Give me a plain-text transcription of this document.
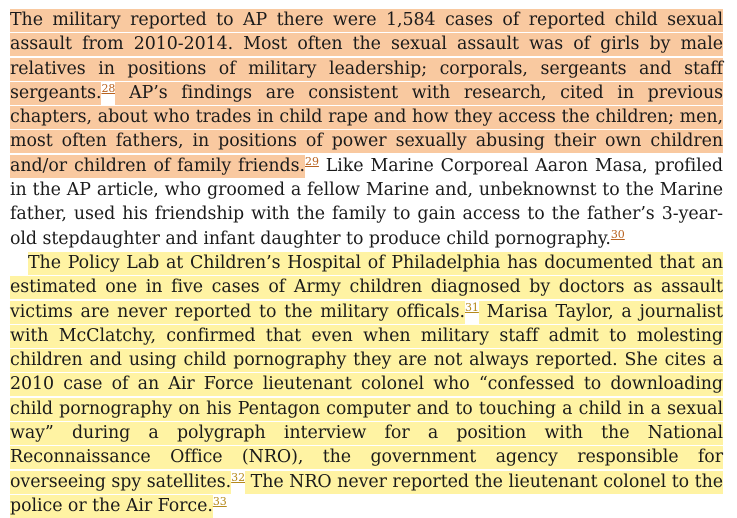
The military reported to AP there were 1,584 cases of reported child sexual assault from 2010-2014. Most often the sexual assault was of girls by male relatives in positions of military leadership; corporals, sergeants and staff sergeants.$^{28}$ AP’s findings are consistent with research, cited in previous chapters, about who trades in child rape and how they access the children; men, most often fathers, in positions of power sexually abusing their own children and/or children of family friends.$^{29}$ Like Marine Corporeal Aaron Masa, profiled in the AP article, who groomed a fellow Marine and, unbeknownst to the Marine father, used his friendship with the family to gain access to the father’s 3-year-old stepdaughter and infant daughter to produce child pornography.$^{30}$

The Policy Lab at Children’s Hospital of Philadelphia has documented that an estimated one in five cases of Army children diagnosed by doctors as assault victims are never reported to the military officals.$^{31}$ Marisa Taylor, a journalist with McClatchy, confirmed that even when military staff admit to molesting children and using child pornography they are not always reported. She cites a 2010 case of an Air Force lieutenant colonel who “confessed to downloading child pornography on his Pentagon computer and to touching a child in a sexual way” during a polygraph interview for a position with the National Reconnaissance Office (NRO), the government agency responsible for overseeing spy satellites.$^{32}$ The NRO never reported the lieutenant colonel to the police or the Air Force.$^{33}$
